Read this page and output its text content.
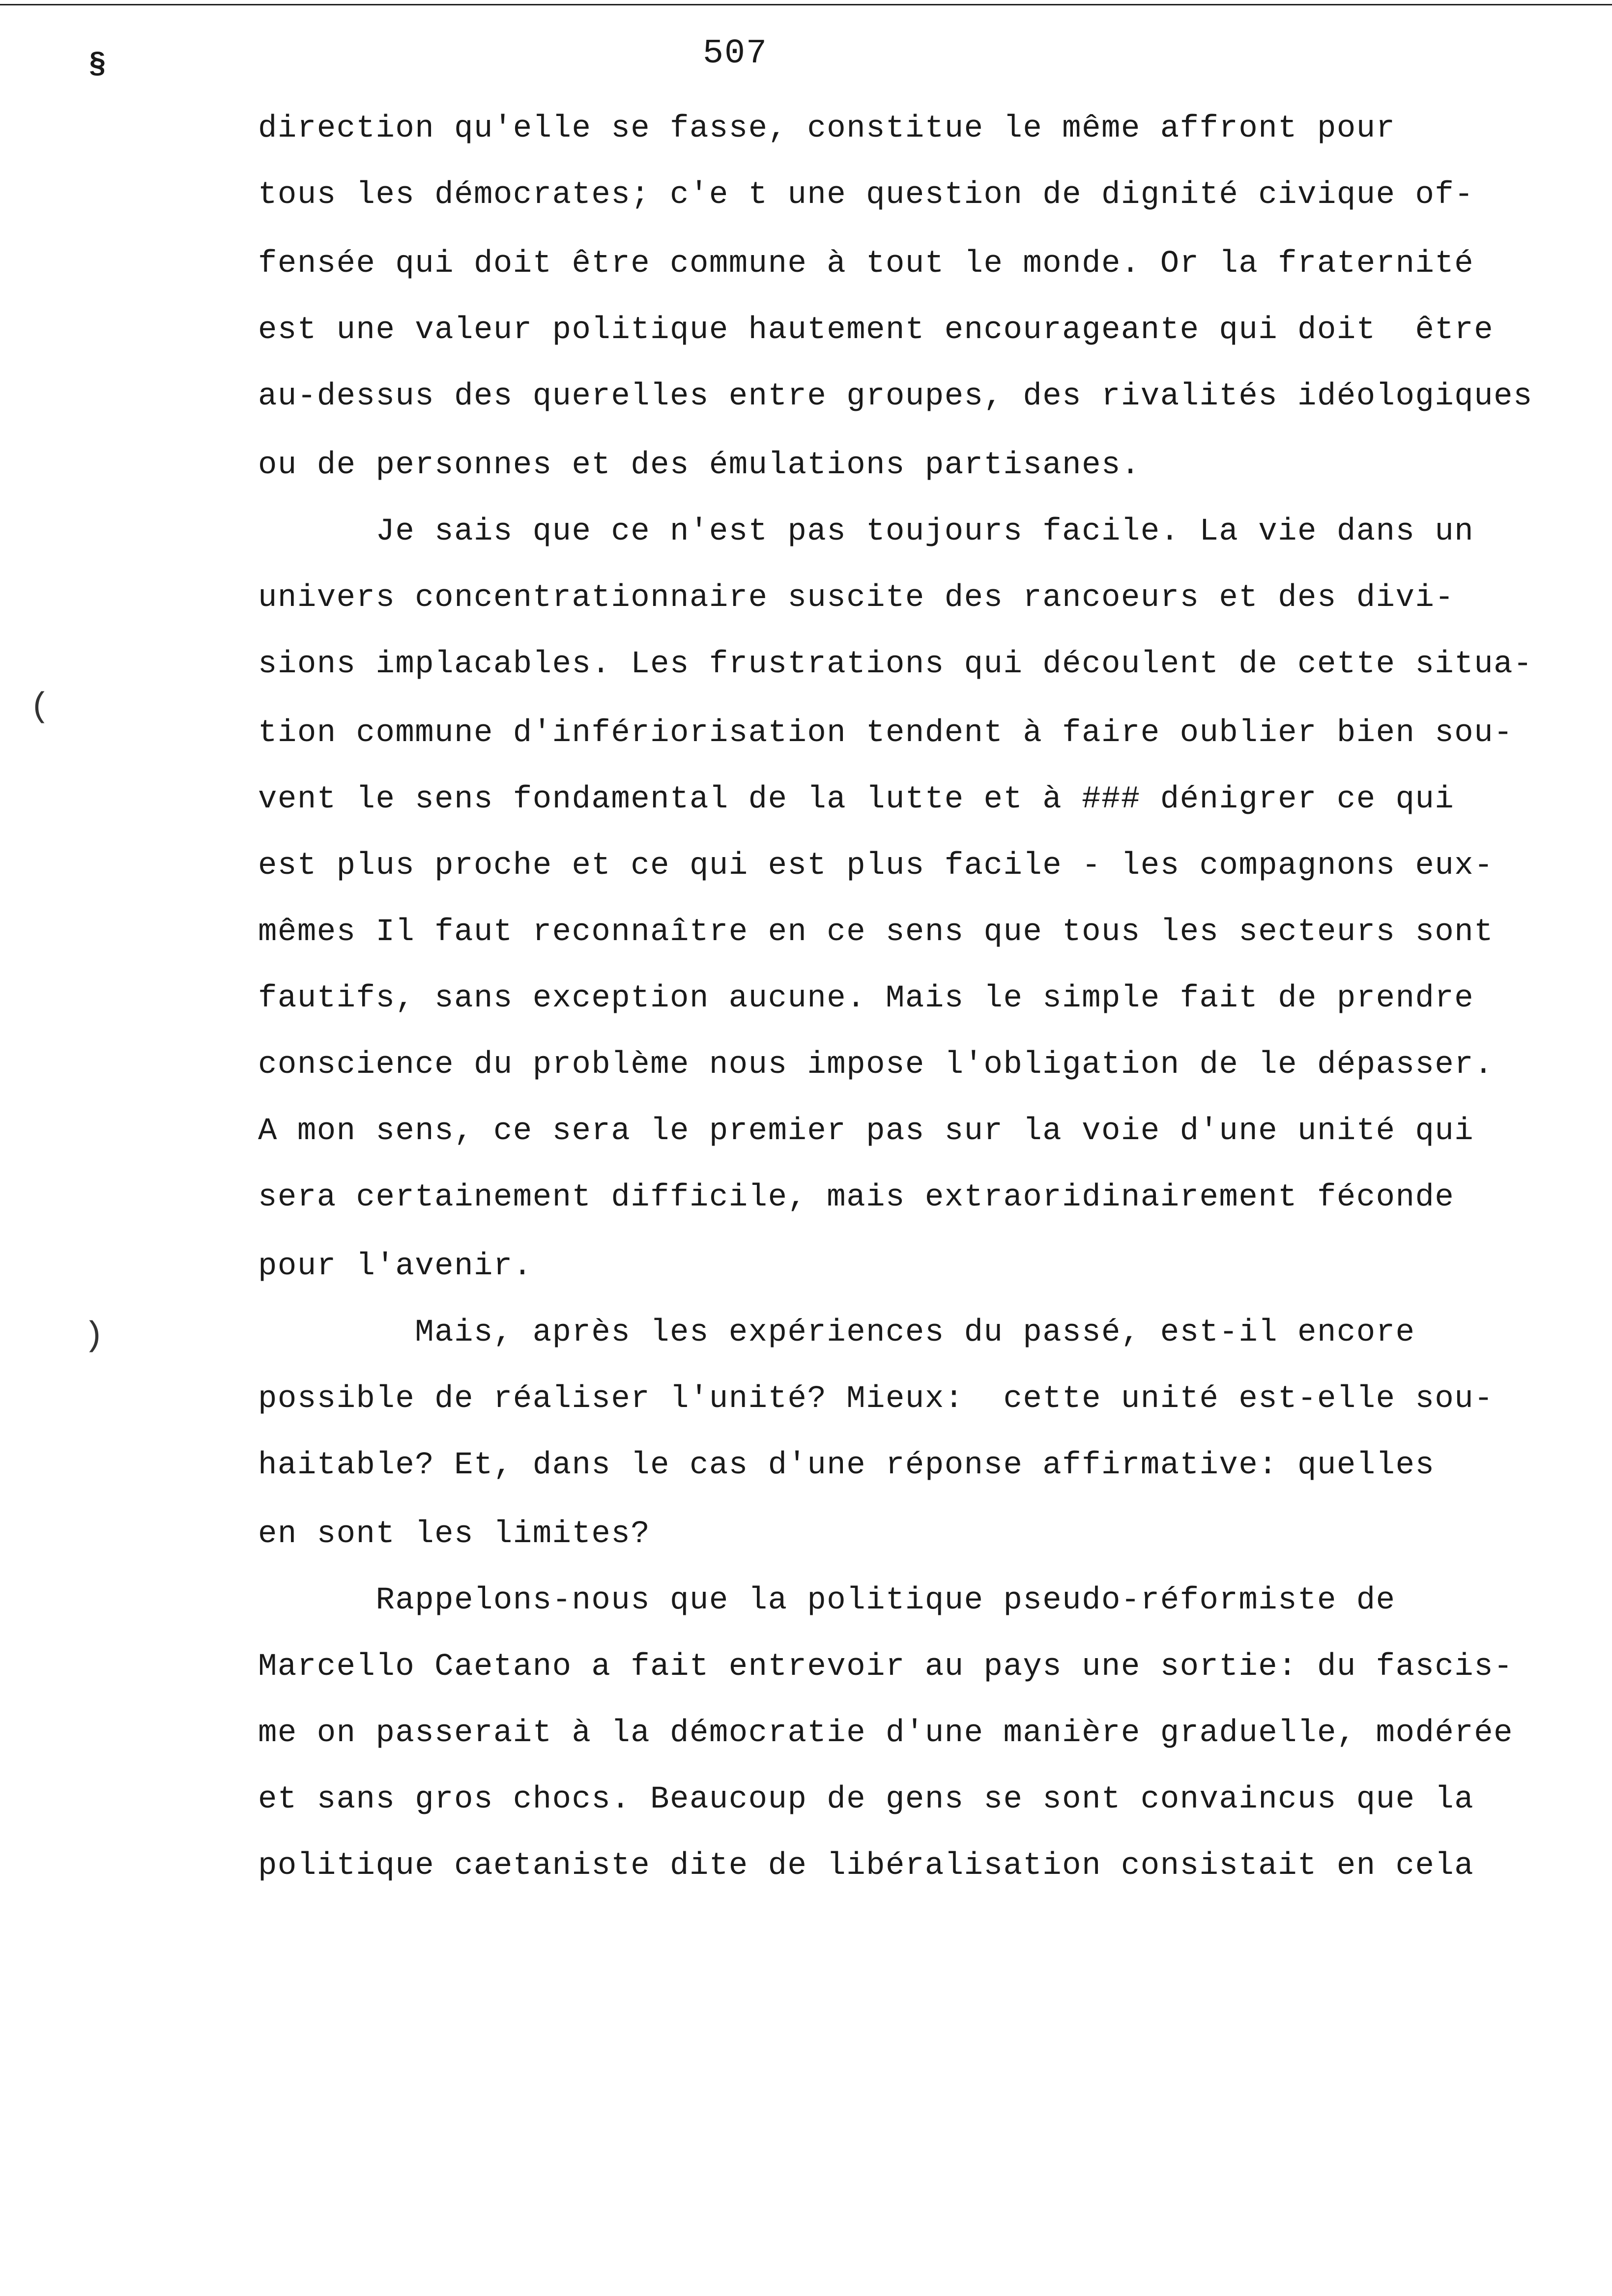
§	507
(
)
direction qu'elle se fasse, constitue le même affront pour
tous les démocrates; c'e t une question de dignité civique of-
fensée qui doit être commune à tout le monde. Or la fraternité
est une valeur politique hautement encourageante qui doit  être
au-dessus des querelles entre groupes, des rivalités idéologiques
ou de personnes et des émulations partisanes.
Je sais que ce n'est pas toujours facile. La vie dans un
univers concentrationnaire suscite des rancoeurs et des divi-
sions implacables. Les frustrations qui découlent de cette situa-
tion commune d'infériorisation tendent à faire oublier bien sou-
vent le sens fondamental de la lutte et à ### dénigrer ce qui
est plus proche et ce qui est plus facile - les compagnons eux-
mêmes Il faut reconnaître en ce sens que tous les secteurs sont
fautifs, sans exception aucune. Mais le simple fait de prendre
conscience du problème nous impose l'obligation de le dépasser.
A mon sens, ce sera le premier pas sur la voie d'une unité qui
sera certainement difficile, mais extraoridinairement féconde
pour l'avenir.
Mais, après les expériences du passé, est-il encore
possible de réaliser l'unité? Mieux:  cette unité est-elle sou-
haitable? Et, dans le cas d'une réponse affirmative: quelles
en sont les limites?
Rappelons-nous que la politique pseudo-réformiste de
Marcello Caetano a fait entrevoir au pays une sortie: du fascis-
me on passerait à la démocratie d'une manière graduelle, modérée
et sans gros chocs. Beaucoup de gens se sont convaincus que la
politique caetaniste dite de libéralisation consistait en cela
